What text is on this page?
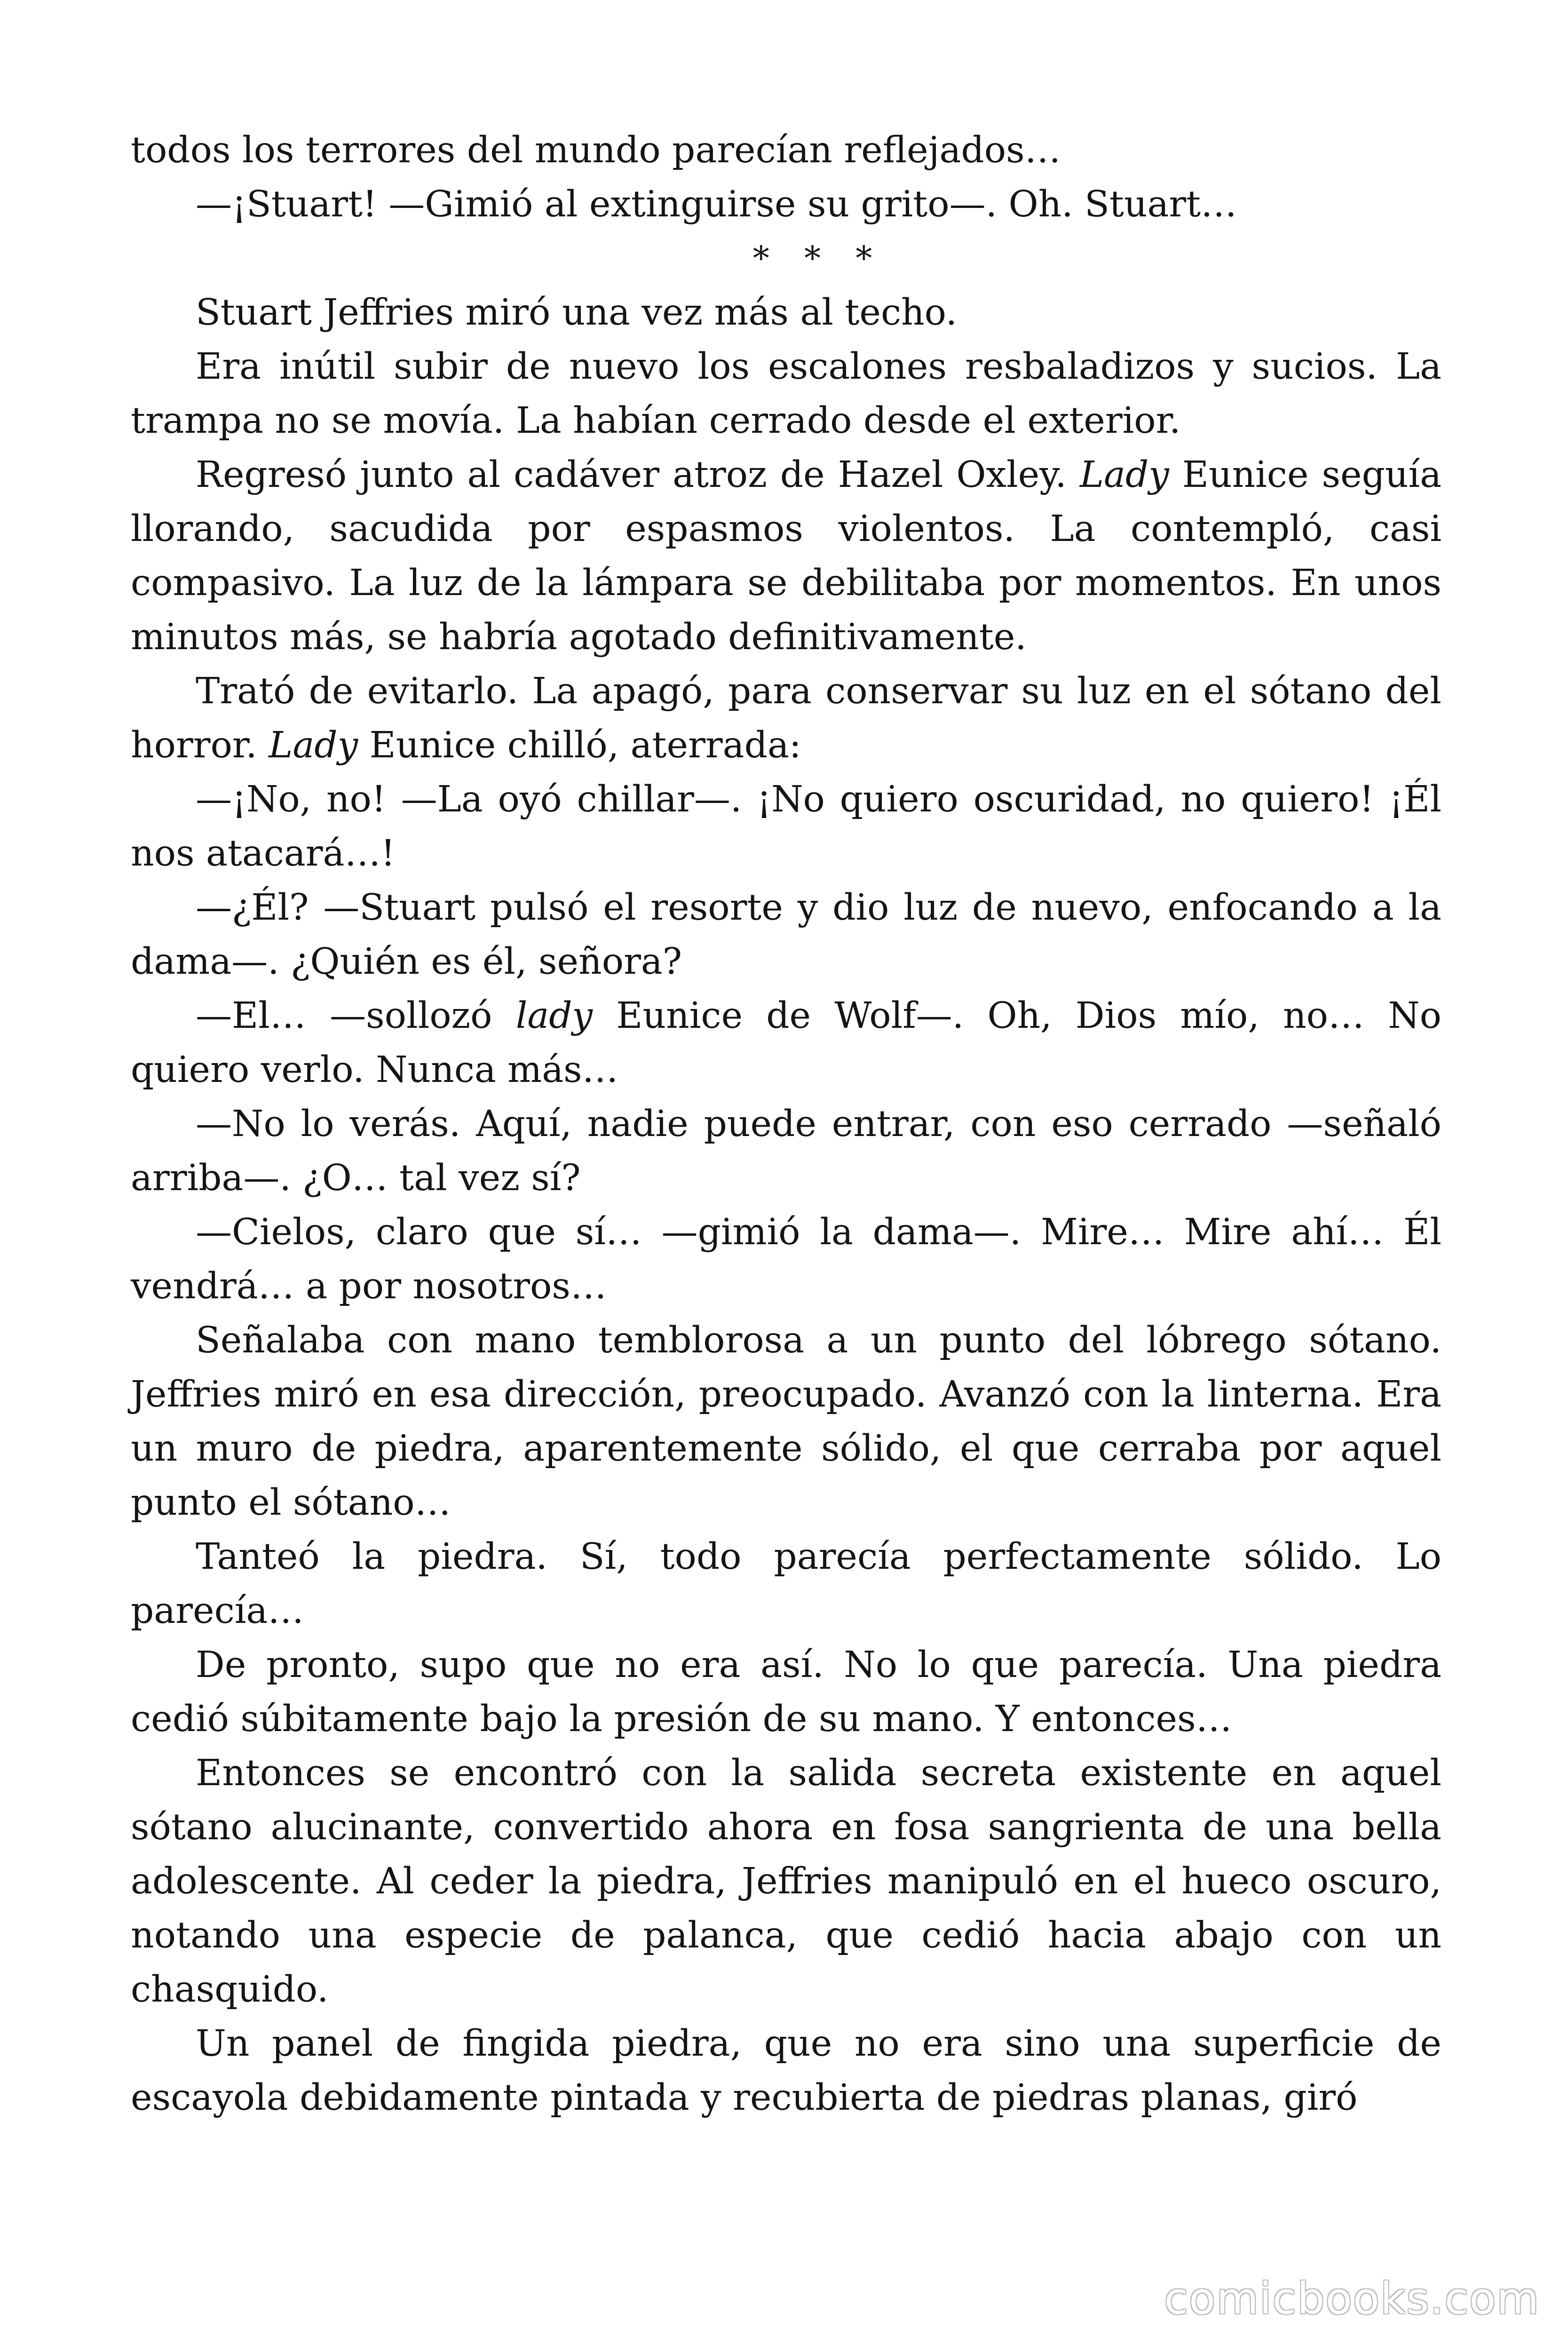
todos los terrores del mundo parecían reflejados…

—¡Stuart! —Gimió al extinguirse su grito—. Oh. Stuart…

* * *

Stuart Jeffries miró una vez más al techo.

Era inútil subir de nuevo los escalones resbaladizos y sucios. La trampa no se movía. La habían cerrado desde el exterior.

Regresó junto al cadáver atroz de Hazel Oxley. Lady Eunice seguía llorando, sacudida por espasmos violentos. La contempló, casi compasivo. La luz de la lámpara se debilitaba por momentos. En unos minutos más, se habría agotado definitivamente.

Trató de evitarlo. La apagó, para conservar su luz en el sótano del horror. Lady Eunice chilló, aterrada:

—¡No, no! —La oyó chillar—. ¡No quiero oscuridad, no quiero! ¡Él nos atacará…!

—¿Él? —Stuart pulsó el resorte y dio luz de nuevo, enfocando a la dama—. ¿Quién es él, señora?

—El… —sollozó lady Eunice de Wolf—. Oh, Dios mío, no… No quiero verlo. Nunca más…

—No lo verás. Aquí, nadie puede entrar, con eso cerrado —señaló arriba—. ¿O… tal vez sí?

—Cielos, claro que sí… —gimió la dama—. Mire… Mire ahí… Él vendrá… a por nosotros…

Señalaba con mano temblorosa a un punto del lóbrego sótano. Jeffries miró en esa dirección, preocupado. Avanzó con la linterna. Era un muro de piedra, aparentemente sólido, el que cerraba por aquel punto el sótano…

Tanteó la piedra. Sí, todo parecía perfectamente sólido. Lo parecía…

De pronto, supo que no era así. No lo que parecía. Una piedra cedió súbitamente bajo la presión de su mano. Y entonces…

Entonces se encontró con la salida secreta existente en aquel sótano alucinante, convertido ahora en fosa sangrienta de una bella adolescente. Al ceder la piedra, Jeffries manipuló en el hueco oscuro, notando una especie de palanca, que cedió hacia abajo con un chasquido.

Un panel de fingida piedra, que no era sino una superficie de escayola debidamente pintada y recubierta de piedras planas, giró

comicbooks.com
